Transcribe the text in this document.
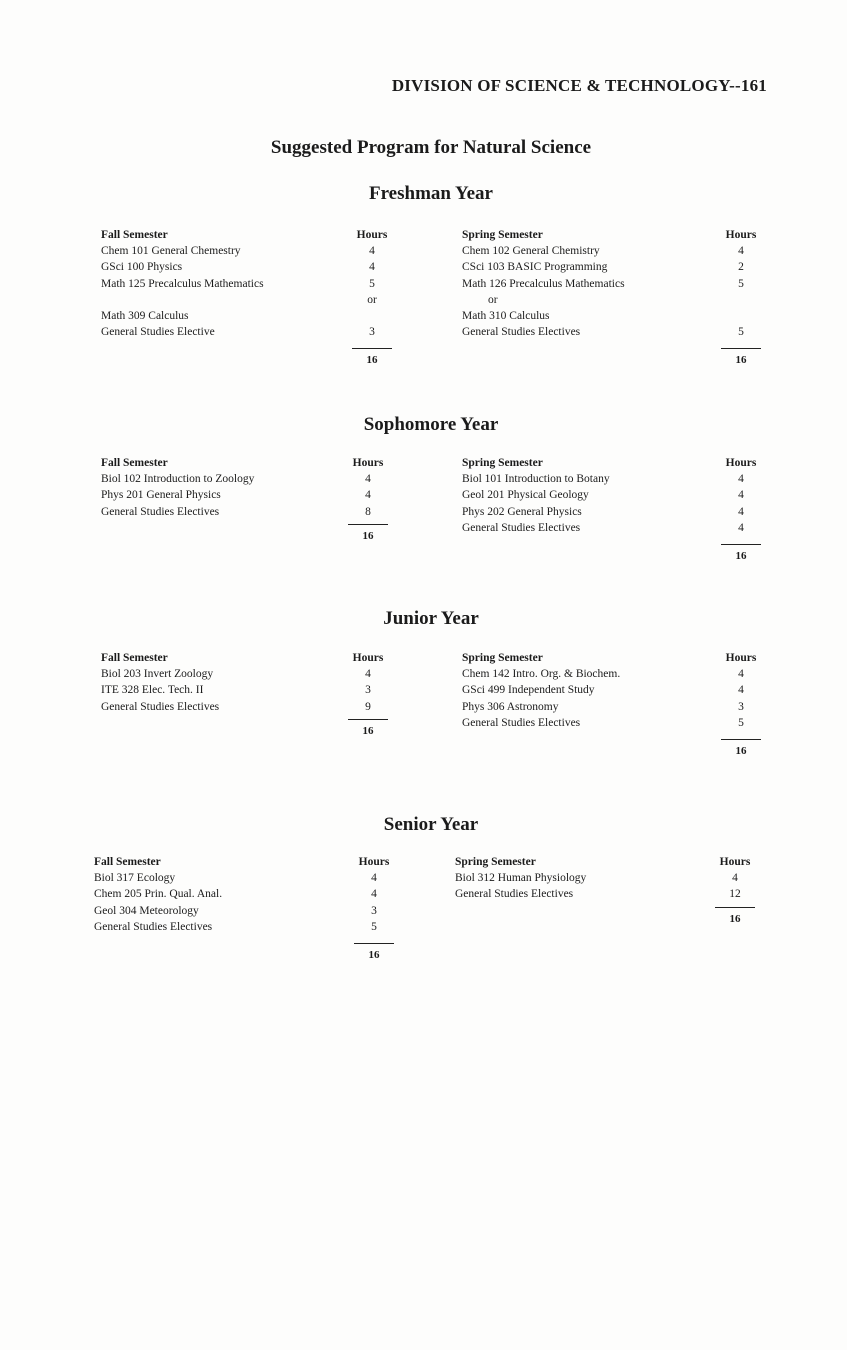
DIVISION OF SCIENCE & TECHNOLOGY--161
Suggested Program for Natural Science
Freshman Year
Fall Semester
Chem 101 General Chemestry
GSci 100 Physics
Math 125 Precalculus Mathematics

Math 309 Calculus
General Studies Elective
Hours
4
4
5
or

3
16
Spring Semester
Chem 102 General Chemistry
CSci 103 BASIC Programming
Math 126 Precalculus Mathematics
or
Math 310 Calculus
General Studies Electives
Hours
4
2
5

5
16
Sophomore Year
Fall Semester
Biol 102 Introduction to Zoology
Phys 201 General Physics
General Studies Electives
Hours
4
4
8
16
Spring Semester
Biol 101 Introduction to Botany
Geol 201 Physical Geology
Phys 202 General Physics
General Studies Electives
Hours
4
4
4
4
16
Junior Year
Fall Semester
Biol 203 Invert Zoology
ITE 328 Elec. Tech. II
General Studies Electives
Hours
4
3
9
16
Spring Semester
Chem 142 Intro. Org. & Biochem.
GSci 499 Independent Study
Phys 306 Astronomy
General Studies Electives
Hours
4
4
3
5
16
Senior Year
Fall Semester
Biol 317 Ecology
Chem 205 Prin. Qual. Anal.
Geol 304 Meteorology
General Studies Electives
Hours
4
4
3
5
16
Spring Semester
Biol 312 Human Physiology
General Studies Electives
Hours
4
12
16
